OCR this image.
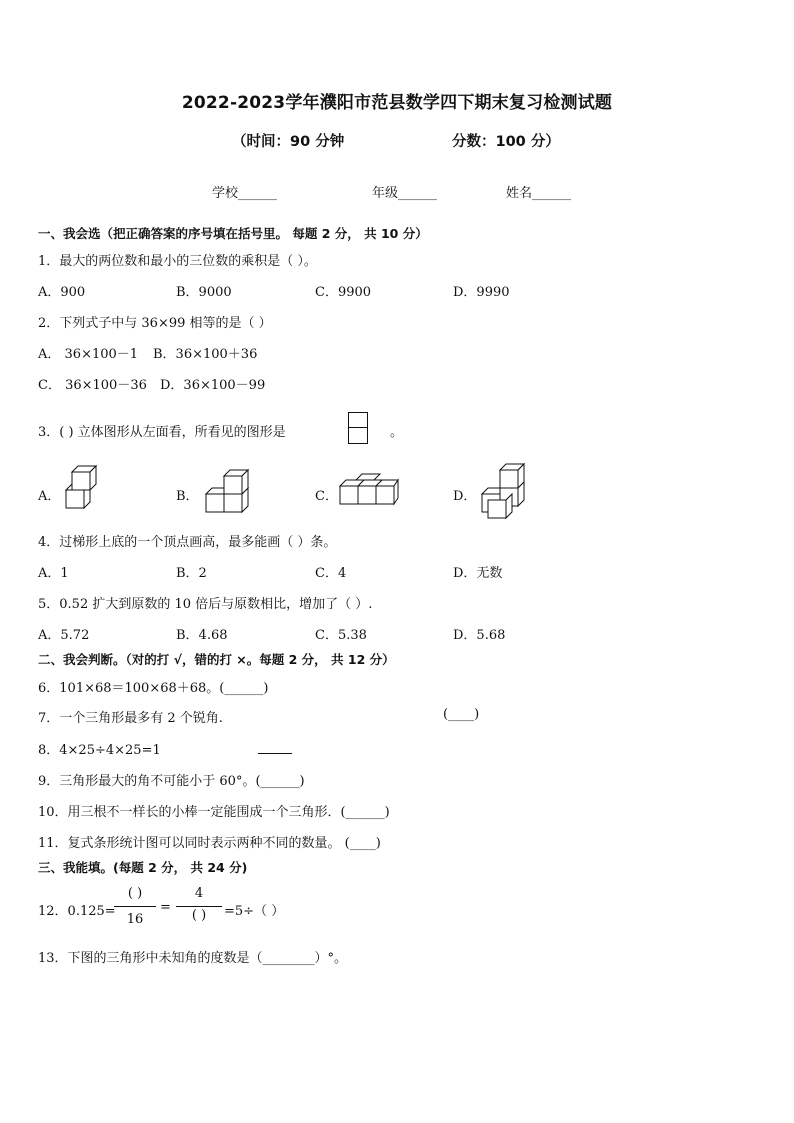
2022-2023学年濮阳市范县数学四下期末复习检测试题
（时间：90 分钟	分数：100 分）
学校______	年级______	姓名______
一、我会选（把正确答案的序号填在括号里。 每题 2 分， 共 10 分）
1．最大的两位数和最小的三位数的乘积是（ ）。
A．900	B．9000	C．9900	D．9990
2．下列式子中与 36×99 相等的是（ ）
A． 36×100－1 B．36×100＋36
C． 36×100－36 D．36×100－99
3．( ) 立体图形从左面看，所看见的图形是	。
A．	B．	C．	D．
4．过梯形上底的一个顶点画高，最多能画（ ）条。
A．1	B．2	C．4	D．无数
5．0.52 扩大到原数的 10 倍后与原数相比，增加了（ ）.
A．5.72	B．4.68	C．5.38	D．5.68
二、我会判断。（对的打 √，错的打 ×。每题 2 分， 共 12 分）
6．101×68＝100×68＋68。(______)
7．一个三角形最多有 2 个锐角.	(____)
8．4×25÷4×25=1
9．三角形最大的角不可能小于 60°。(______)
10．用三根不一样长的小棒一定能围成一个三角形．(______)
11．复式条形统计图可以同时表示两种不同的数量。 (____)
三、我能填。(每题 2 分， 共 24 分)
12．0.125=
( )
16
=
4
( )	=5÷（ ）
13．下图的三角形中未知角的度数是（________）°。
